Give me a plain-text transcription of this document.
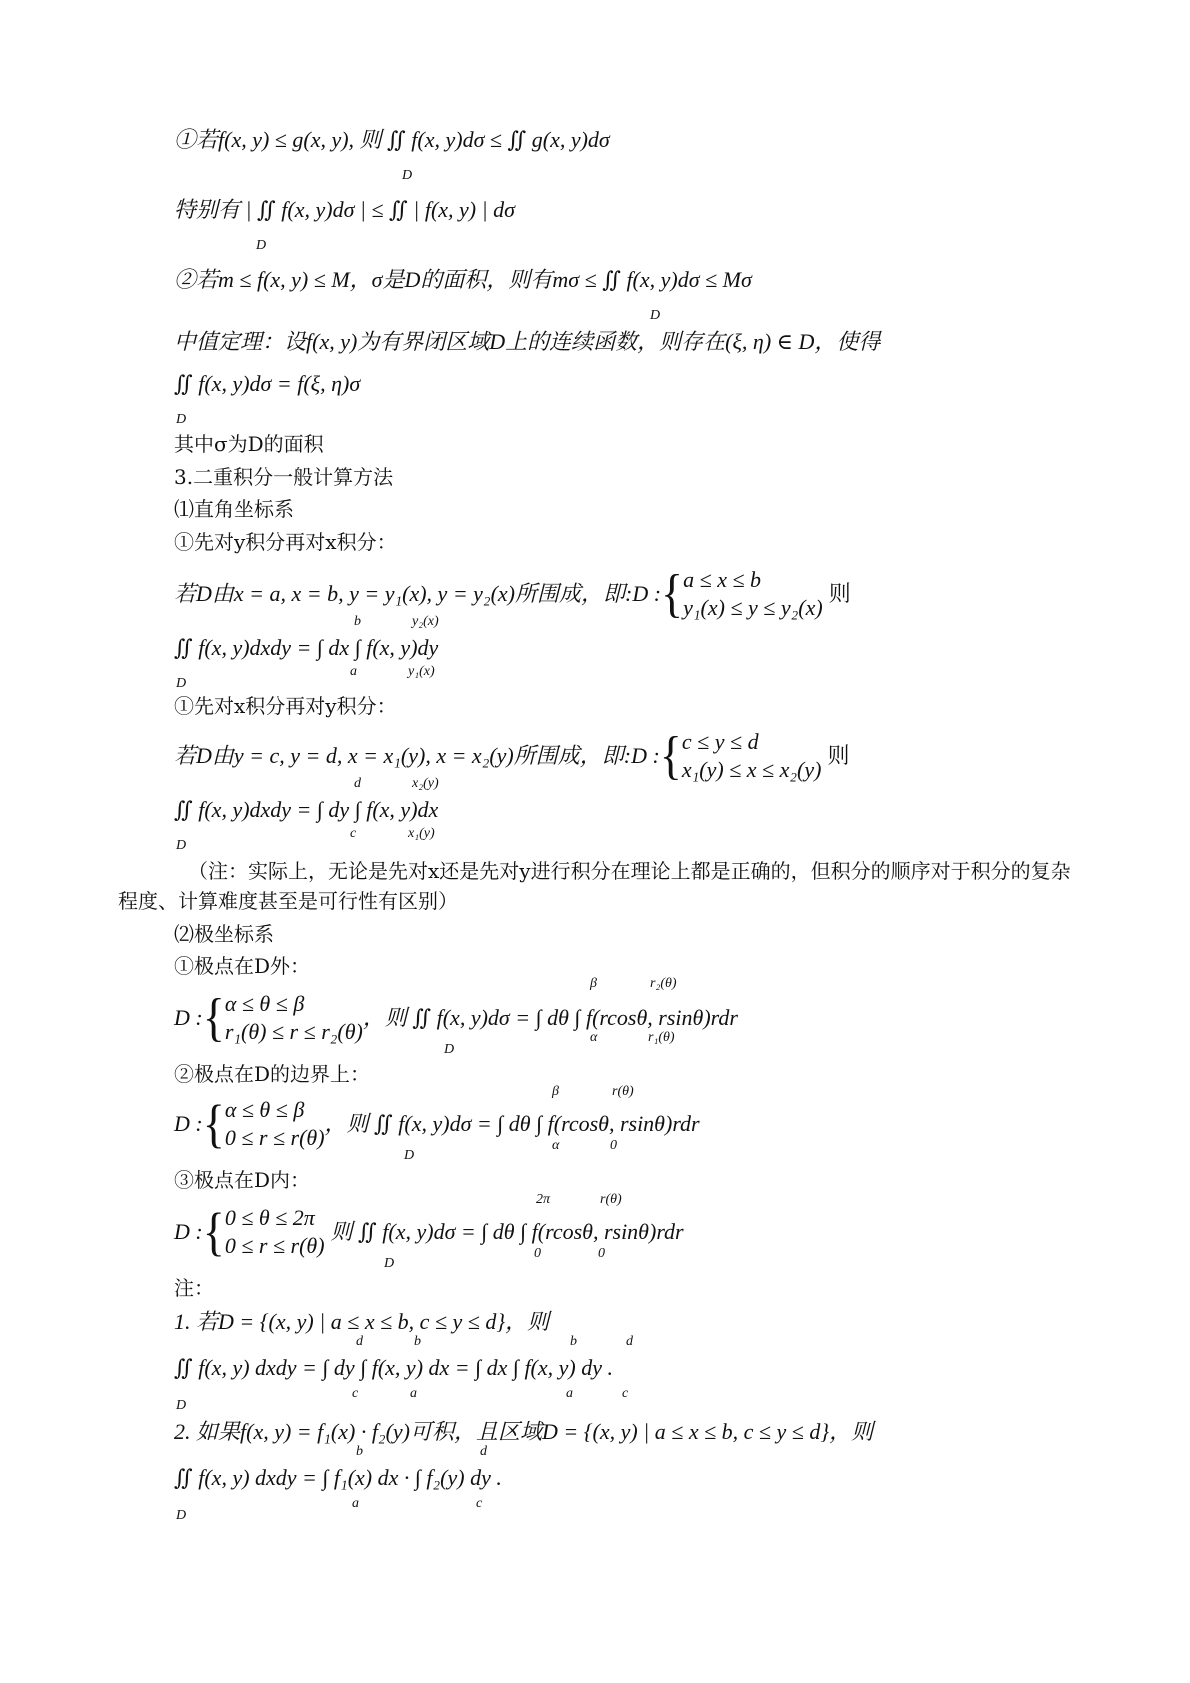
①若f(x, y) ≤ g(x, y), 则 ∬ f(x, y)dσ ≤ ∬ g(x, y)dσ
D
特别有 | ∬ f(x, y)dσ | ≤ ∬ | f(x, y) | dσ
D
②若m ≤ f(x, y) ≤ M，σ是D的面积，则有mσ ≤ ∬ f(x, y)dσ ≤ Mσ
D
中值定理：设f(x, y)为有界闭区域D上的连续函数，则存在(ξ, η) ∈ D，使得
∬ f(x, y)dσ = f(ξ, η)σ
D
其中σ为D的面积
3.二重积分一般计算方法
⑴直角坐标系
①先对y积分再对x积分：
若D由x = a, x = b, y = y₁(x), y = y₂(x)所围成，即:D : { a ≤ x ≤ b
y₁(x) ≤ y ≤ y₂(x)
则
∬ f(x, y)dxdy = ∫ dx ∫ f(x, y)dy
b
a
y₂(x)
y₁(x)
D
①先对x积分再对y积分：
若D由y = c, y = d, x = x₁(y), x = x₂(y)所围成，即:D : { c ≤ y ≤ d
x₁(y) ≤ x ≤ x₂(y)
则
∬ f(x, y)dxdy = ∫ dy ∫ f(x, y)dx
d
c
x₂(y)
x₁(y)
D
（注：实际上，无论是先对x还是先对y进行积分在理论上都是正确的，但积分的顺序对于积分的复杂程度、计算难度甚至是可行性有区别）
⑵极坐标系
①极点在D外：
D : { α ≤ θ ≤ β
r₁(θ) ≤ r ≤ r₂(θ)
，则 ∬ f(x, y)dσ = ∫ dθ ∫ f(rcosθ, rsinθ)rdr
β
α
r₂(θ)
r₁(θ)
D
②极点在D的边界上：
D : { α ≤ θ ≤ β
0 ≤ r ≤ r(θ)
，则 ∬ f(x, y)dσ = ∫ dθ ∫ f(rcosθ, rsinθ)rdr
β
α
r(θ)
0
D
③极点在D内：
D : { 0 ≤ θ ≤ 2π
0 ≤ r ≤ r(θ)
则 ∬ f(x, y)dσ = ∫ dθ ∫ f(rcosθ, rsinθ)rdr
2π
0
r(θ)
0
D
注：
1. 若D = {(x, y) | a ≤ x ≤ b, c ≤ y ≤ d}，则
∬ f(x, y) dxdy = ∫ dy ∫ f(x, y) dx = ∫ dx ∫ f(x, y) dy .
d
c
b
a
b
a
d
c
D
2. 如果f(x, y) = f₁(x) · f₂(y)可积，且区域D = {(x, y) | a ≤ x ≤ b, c ≤ y ≤ d}，则
∬ f(x, y) dxdy = ∫ f₁(x) dx · ∫ f₂(y) dy .
b
a
d
c
D
